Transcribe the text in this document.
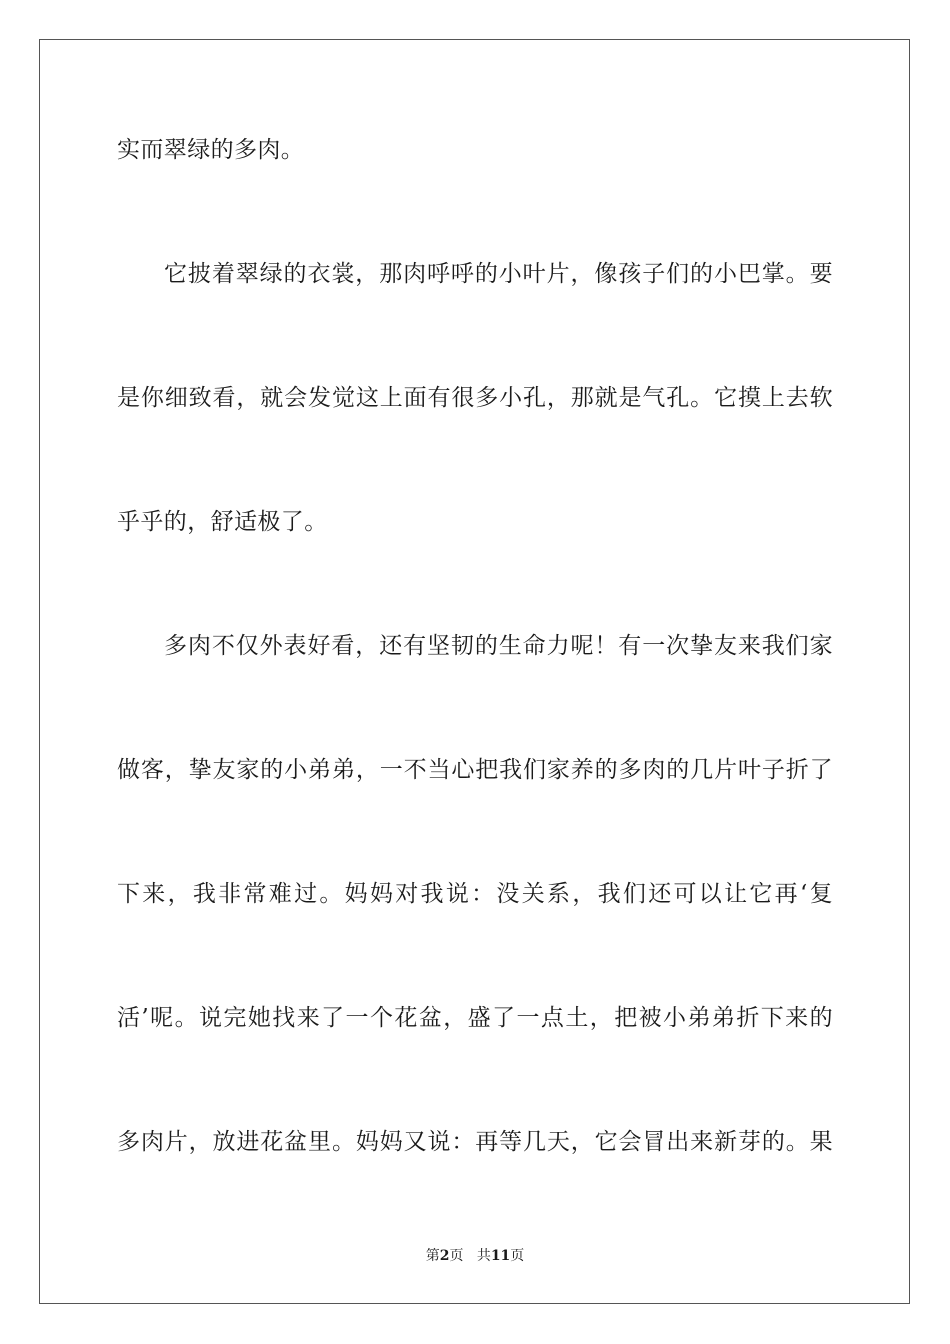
实而翠绿的多肉。
它披着翠绿的衣裳，那肉呼呼的小叶片，像孩子们的小巴掌。要
是你细致看，就会发觉这上面有很多小孔，那就是气孔。它摸上去软
乎乎的，舒适极了。
多肉不仅外表好看，还有坚韧的生命力呢！有一次挚友来我们家
做客，挚友家的小弟弟，一不当心把我们家养的多肉的几片叶子折了
下来，我非常难过。妈妈对我说：没关系，我们还可以让它再‘复
活’呢。说完她找来了一个花盆，盛了一点土，把被小弟弟折下来的
多肉片，放进花盆里。妈妈又说：再等几天，它会冒出来新芽的。果
第2页 共11页
